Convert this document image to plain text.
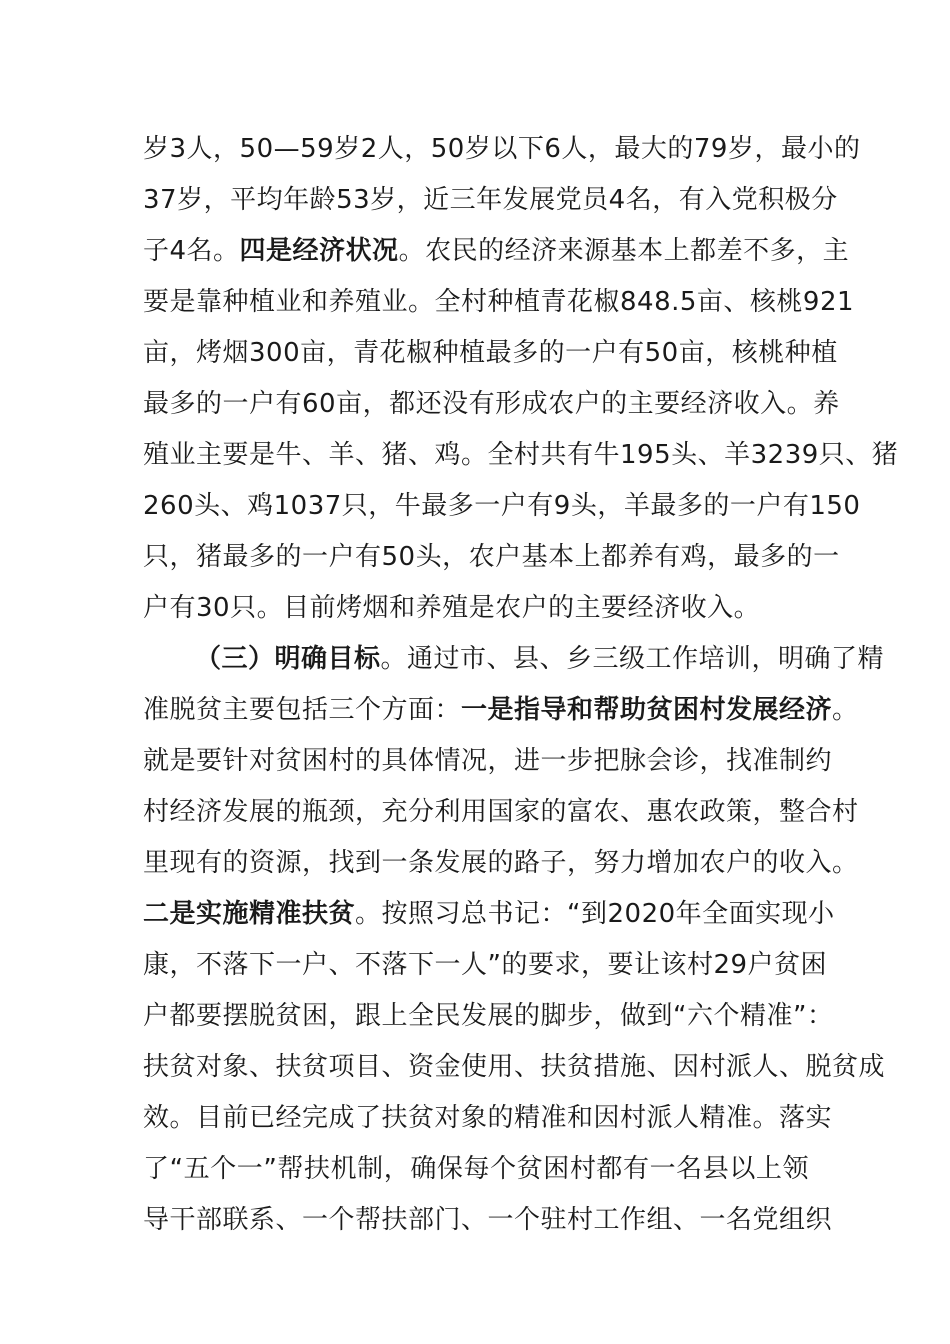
岁3人，50—59岁2人，50岁以下6人，最大的79岁，最小的
37岁，平均年龄53岁，近三年发展党员4名，有入党积极分
子4名。四是经济状况。农民的经济来源基本上都差不多，主
要是靠种植业和养殖业。全村种植青花椒848.5亩、核桃921
亩，烤烟300亩，青花椒种植最多的一户有50亩，核桃种植
最多的一户有60亩，都还没有形成农户的主要经济收入。养
殖业主要是牛、羊、猪、鸡。全村共有牛195头、羊3239只、猪
260头、鸡1037只，牛最多一户有9头，羊最多的一户有150
只，猪最多的一户有50头，农户基本上都养有鸡，最多的一
户有30只。目前烤烟和养殖是农户的主要经济收入。
（三）明确目标。通过市、县、乡三级工作培训，明确了精
准脱贫主要包括三个方面：一是指导和帮助贫困村发展经济。
就是要针对贫困村的具体情况，进一步把脉会诊，找准制约
村经济发展的瓶颈，充分利用国家的富农、惠农政策，整合村
里现有的资源，找到一条发展的路子，努力增加农户的收入。
二是实施精准扶贫。按照习总书记：“到2020年全面实现小
康，不落下一户、不落下一人”的要求，要让该村29户贫困
户都要摆脱贫困，跟上全民发展的脚步，做到“六个精准”：
扶贫对象、扶贫项目、资金使用、扶贫措施、因村派人、脱贫成
效。目前已经完成了扶贫对象的精准和因村派人精准。落实
了“五个一”帮扶机制，确保每个贫困村都有一名县以上领
导干部联系、一个帮扶部门、一个驻村工作组、一名党组织
